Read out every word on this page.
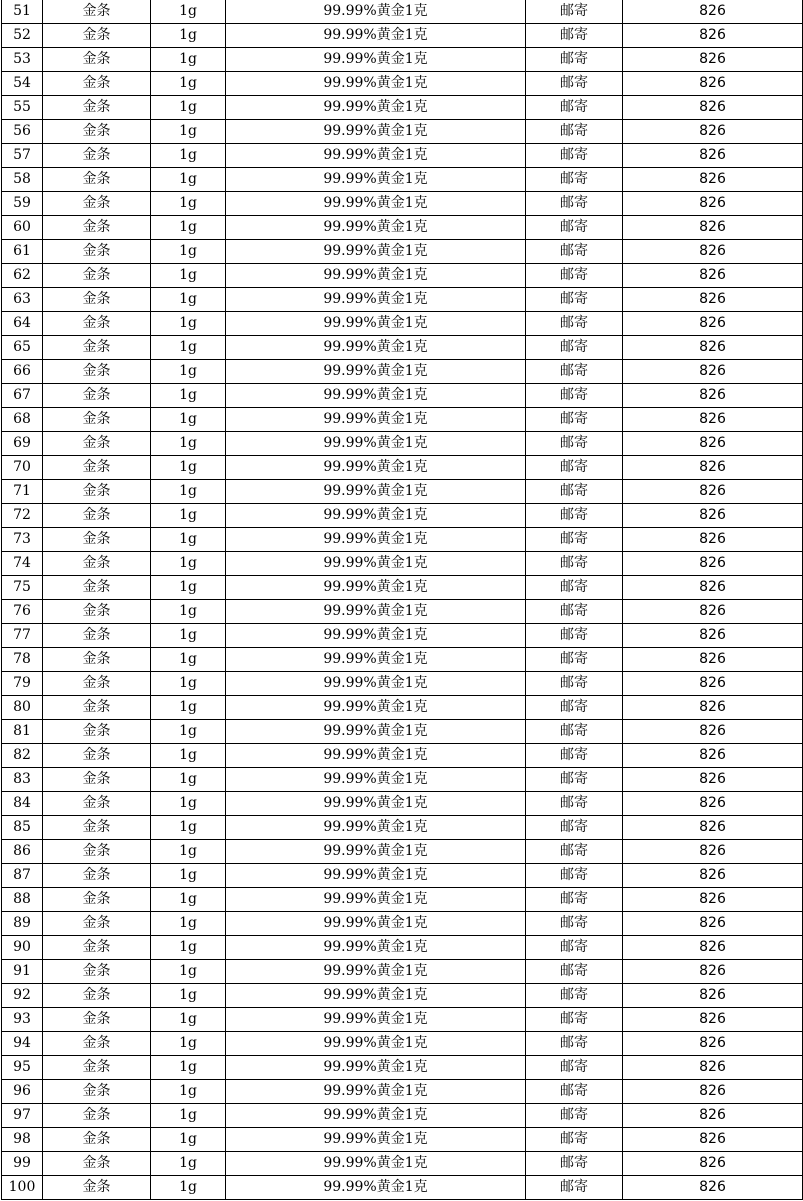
51	金条	1g	99.99%黄金1克	邮寄	826
52	金条	1g	99.99%黄金1克	邮寄	826
53	金条	1g	99.99%黄金1克	邮寄	826
54	金条	1g	99.99%黄金1克	邮寄	826
55	金条	1g	99.99%黄金1克	邮寄	826
56	金条	1g	99.99%黄金1克	邮寄	826
57	金条	1g	99.99%黄金1克	邮寄	826
58	金条	1g	99.99%黄金1克	邮寄	826
59	金条	1g	99.99%黄金1克	邮寄	826
60	金条	1g	99.99%黄金1克	邮寄	826
61	金条	1g	99.99%黄金1克	邮寄	826
62	金条	1g	99.99%黄金1克	邮寄	826
63	金条	1g	99.99%黄金1克	邮寄	826
64	金条	1g	99.99%黄金1克	邮寄	826
65	金条	1g	99.99%黄金1克	邮寄	826
66	金条	1g	99.99%黄金1克	邮寄	826
67	金条	1g	99.99%黄金1克	邮寄	826
68	金条	1g	99.99%黄金1克	邮寄	826
69	金条	1g	99.99%黄金1克	邮寄	826
70	金条	1g	99.99%黄金1克	邮寄	826
71	金条	1g	99.99%黄金1克	邮寄	826
72	金条	1g	99.99%黄金1克	邮寄	826
73	金条	1g	99.99%黄金1克	邮寄	826
74	金条	1g	99.99%黄金1克	邮寄	826
75	金条	1g	99.99%黄金1克	邮寄	826
76	金条	1g	99.99%黄金1克	邮寄	826
77	金条	1g	99.99%黄金1克	邮寄	826
78	金条	1g	99.99%黄金1克	邮寄	826
79	金条	1g	99.99%黄金1克	邮寄	826
80	金条	1g	99.99%黄金1克	邮寄	826
81	金条	1g	99.99%黄金1克	邮寄	826
82	金条	1g	99.99%黄金1克	邮寄	826
83	金条	1g	99.99%黄金1克	邮寄	826
84	金条	1g	99.99%黄金1克	邮寄	826
85	金条	1g	99.99%黄金1克	邮寄	826
86	金条	1g	99.99%黄金1克	邮寄	826
87	金条	1g	99.99%黄金1克	邮寄	826
88	金条	1g	99.99%黄金1克	邮寄	826
89	金条	1g	99.99%黄金1克	邮寄	826
90	金条	1g	99.99%黄金1克	邮寄	826
91	金条	1g	99.99%黄金1克	邮寄	826
92	金条	1g	99.99%黄金1克	邮寄	826
93	金条	1g	99.99%黄金1克	邮寄	826
94	金条	1g	99.99%黄金1克	邮寄	826
95	金条	1g	99.99%黄金1克	邮寄	826
96	金条	1g	99.99%黄金1克	邮寄	826
97	金条	1g	99.99%黄金1克	邮寄	826
98	金条	1g	99.99%黄金1克	邮寄	826
99	金条	1g	99.99%黄金1克	邮寄	826
100	金条	1g	99.99%黄金1克	邮寄	826
